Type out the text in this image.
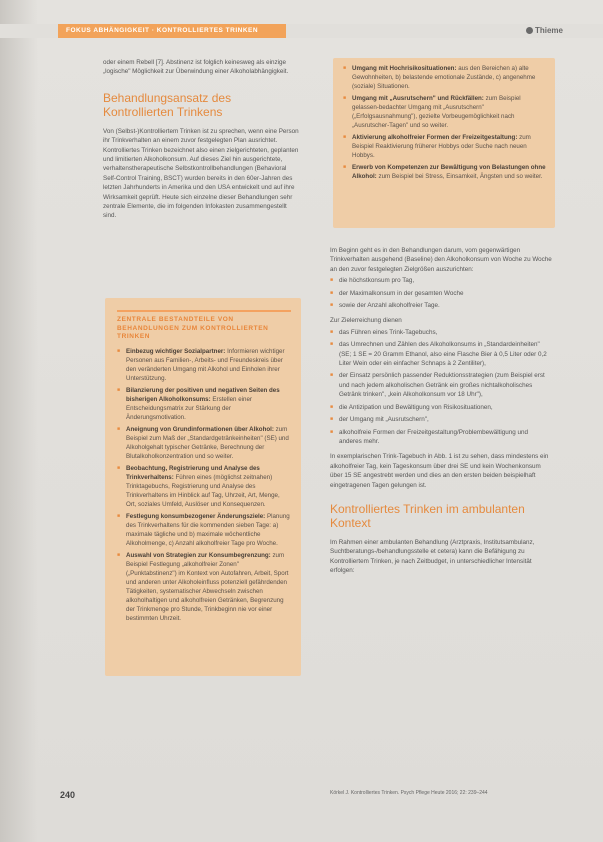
FOKUS ABHÄNGIGKEIT · KONTROLLIERTES TRINKEN	Thieme

oder einem Rebell [7]. Abstinenz ist folglich keinesweg als einzige „logische" Möglichkeit zur Überwindung einer Alkoholabhängigkeit.

Behandlungsansatz des Kontrollierten Trinkens

Von (Selbst-)Kontrolliertem Trinken ist zu sprechen, wenn eine Person ihr Trinkverhalten an einem zuvor festgelegten Plan ausrichtet. Kontrolliertes Trinken bezeichnet also einen zielgerichteten, geplanten und limitierten Alkoholkonsum. Auf dieses Ziel hin ausgerichtete, verhaltenstherapeutische Selbstkontrollbehandlungen (Behavioral Self-Control Training, BSCT) wurden bereits in den 60er-Jahren des letzten Jahrhunderts in Amerika und den USA entwickelt und auf ihre Wirksamkeit geprüft. Heute sich einzelne dieser Behandlungen sehr zentrale Elemente, die im folgenden Infokasten zusammengestellt sind.

ZENTRALE BESTANDTEILE VON BEHANDLUNGEN ZUM KONTROLLIERTEN TRINKEN
■ Einbezug wichtiger Sozialpartner: Informieren wichtiger Personen aus Familien-, Arbeits- und Freundeskreis über den veränderten Umgang mit Alkohol und Einholen ihrer Unterstützung.
■ Bilanzierung der positiven und negativen Seiten des bisherigen Alkoholkonsums: Erstellen einer Entscheidungsmatrix zur Stärkung der Änderungsmotivation.
■ Aneignung von Grundinformationen über Alkohol: zum Beispiel zum Maß der „Standardgetränkeinheiten" (SE) und Alkoholgehalt typischer Getränke, Berechnung der Blutalkoholkonzentration und so weiter.
■ Beobachtung, Registrierung und Analyse des Trinkverhaltens: Führen eines (möglichst zeitnahen) Trinktagebuchs, Registrierung und Analyse des Trinkverhaltens im Hinblick auf Tag, Uhrzeit, Art, Menge, Ort, soziales Umfeld, Auslöser und Konsequenzen.
■ Festlegung konsumbezogener Änderungsziele: Planung des Trinkverhaltens für die kommenden sieben Tage: a) maximale tägliche und b) maximale wöchentliche Alkoholmenge, c) Anzahl alkoholfreier Tage pro Woche.
■ Auswahl von Strategien zur Konsumbegrenzung: zum Beispiel Festlegung „alkoholfreier Zonen" („Punktabstinenz") im Kontext von Autofahren, Arbeit, Sport und anderen unter Alkoholeinfluss potenziell gefährdenden Tätigkeiten, systematischer Abwechseln zwischen alkoholhaltigen und alkoholfreien Getränken, Begrenzung der Trinkmenge pro Stunde, Trinkbeginn nie vor einer bestimmten Uhrzeit.
■ Umgang mit Hochrisikosituationen: aus den Bereichen a) alte Gewohnheiten, b) belastende emotionale Zustände, c) angenehme (soziale) Situationen.
■ Umgang mit „Ausrutschern" und Rückfällen: zum Beispiel gelassen-bedachter Umgang mit „Ausrutschern" („Erfolgsausnahmung"), gezielte Vorbeugemöglichkeit nach „Ausrutscher-Tagen" und so weiter.
■ Aktivierung alkoholfreier Formen der Freizeitgestaltung: zum Beispiel Reaktivierung früherer Hobbys oder Suche nach neuen Hobbys.
■ Erwerb von Kompetenzen zur Bewältigung von Belastungen ohne Alkohol: zum Beispiel bei Stress, Einsamkeit, Ängsten und so weiter.

Im Beginn geht es in den Behandlungen darum, vom gegenwärtigen Trinkverhalten ausgehend (Baseline) den Alkoholkonsum von Woche zu Woche an den zuvor festgelegten Zielgrößen auszurichten:

■ die höchstkonsum pro Tag,
■ der Maximalkonsum in der gesamten Woche
■ sowie der Anzahl alkoholfreier Tage.

Zur Zielerreichung dienen

■ das Führen eines Trink-Tagebuchs,
■ das Umrechnen und Zählen des Alkoholkonsums in „Standardeinheiten" (SE; 1 SE = 20 Gramm Ethanol, also eine Flasche Bier à 0,5 Liter oder 0,2 Liter Wein oder ein einfacher Schnaps à 2 Zentiliter),
■ der Einsatz persönlich passender Reduktionsstrategien (zum Beispiel erst und nach jedem alkoholischen Getränk ein großes nichtalkoholisches Getränk trinken", „kein Alkoholkonsum vor 18 Uhr"),
■ die Antizipation und Bewältigung von Risikosituationen,
■ der Umgang mit „Ausrutschern",
■ alkoholfreie Formen der Freizeitgestaltung/Problembewältigung und anderes mehr.

In exemplarischen Trink-Tagebuch in Abb. 1 ist zu sehen, dass mindestens ein alkoholfreier Tag, kein Tageskonsum über drei SE und kein Wochenkonsum über 15 SE angestrebt werden und dies an den ersten beiden beispielhaft eingetragenen Tagen gelungen ist.

Kontrolliertes Trinken im ambulanten Kontext

Im Rahmen einer ambulanten Behandlung (Arztpraxis, Institutsambulanz, Suchtberatungs-/behandlungsstelle et cetera) kann die Befähigung zu Kontrolliertem Trinken, je nach Zeitbudget, in unterschiedlicher Intensität erfolgen:

240	Körkel J. Kontrolliertes Trinken. Psych Pflege Heute 2016; 22: 239–244
